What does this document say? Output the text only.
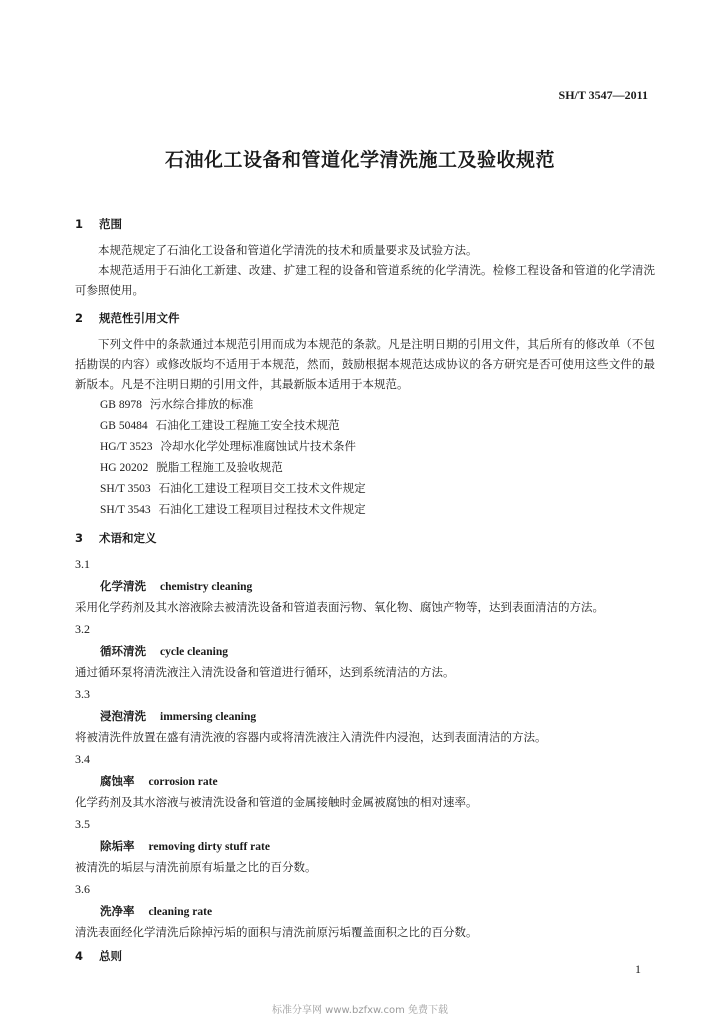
SH/T 3547—2011
石油化工设备和管道化学清洗施工及验收规范
1 范围

本规范规定了石油化工设备和管道化学清洗的技术和质量要求及试验方法。

本规范适用于石油化工新建、改建、扩建工程的设备和管道系统的化学清洗。检修工程设备和管道的化学清洗可参照使用。

2 规范性引用文件

下列文件中的条款通过本规范引用而成为本规范的条款。凡是注明日期的引用文件，其后所有的修改单（不包括勘误的内容）或修改版均不适用于本规范，然而，鼓励根据本规范达成协议的各方研究是否可使用这些文件的最新版本。凡是不注明日期的引用文件，其最新版本适用于本规范。

GB 8978 污水综合排放的标准

GB 50484 石油化工建设工程施工安全技术规范

HG/T 3523 冷却水化学处理标准腐蚀试片技术条件

HG 20202 脱脂工程施工及验收规范

SH/T 3503 石油化工建设工程项目交工技术文件规定

SH/T 3543 石油化工建设工程项目过程技术文件规定

3 术语和定义
3.1

化学清洗 chemistry cleaning

采用化学药剂及其水溶液除去被清洗设备和管道表面污物、氧化物、腐蚀产物等，达到表面清洁的方法。

3.2

循环清洗 cycle cleaning

通过循环泵将清洗液注入清洗设备和管道进行循环，达到系统清洁的方法。

3.3

浸泡清洗 immersing cleaning

将被清洗件放置在盛有清洗液的容器内或将清洗液注入清洗件内浸泡，达到表面清洁的方法。

3.4

腐蚀率 corrosion rate

化学药剂及其水溶液与被清洗设备和管道的金属接触时金属被腐蚀的相对速率。

3.5

除垢率 removing dirty stuff rate

被清洗的垢层与清洗前原有垢量之比的百分数。

3.6

洗净率 cleaning rate

清洗表面经化学清洗后除掉污垢的面积与清洗前原污垢覆盖面积之比的百分数。

4 总则
1
标准分享网 www.bzfxw.com 免费下载
